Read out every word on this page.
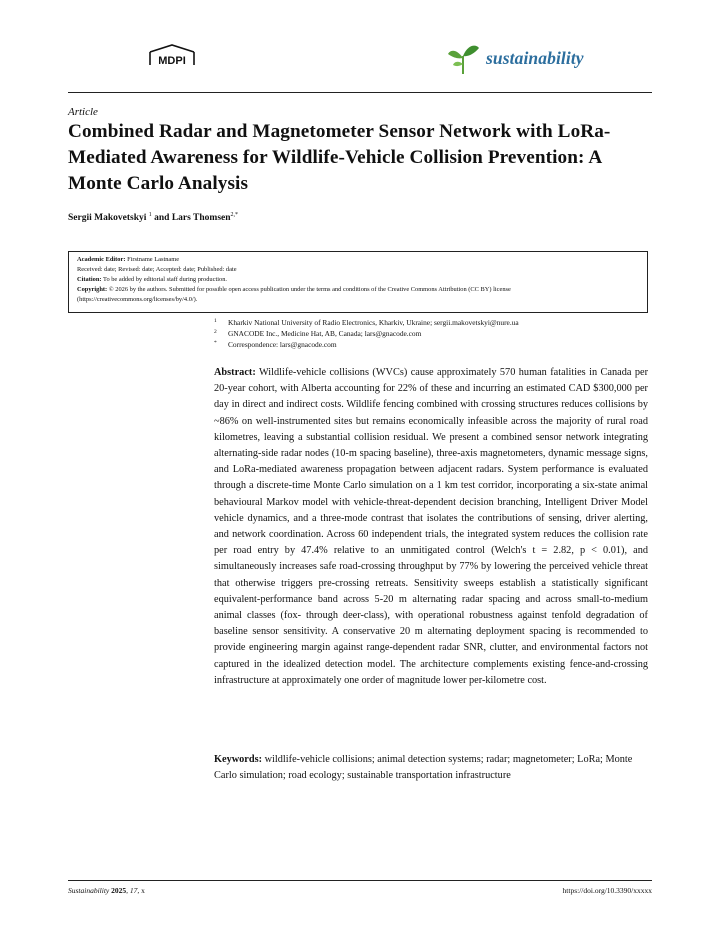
MDPI	sustainability
Article
Combined Radar and Magnetometer Sensor Network with LoRa-Mediated Awareness for Wildlife-Vehicle Collision Prevention: A Monte Carlo Analysis
Sergii Makovetskyi $^1$ and Lars Thomsen$^{2,*}$
Academic Editor: Firstname Lastname
Received: date; Revised: date; Accepted: date; Published: date
Citation: To be added by editorial staff during production.
Copyright: © 2026 by the authors. Submitted for possible open access publication under the terms and conditions of the Creative Commons Attribution (CC BY) license
(https://creativecommons.org/licenses/by/4.0/).
1 Kharkiv National University of Radio Electronics, Kharkiv, Ukraine; sergii.makovetskyi@nure.ua
2 GNACODE Inc., Medicine Hat, AB, Canada; lars@gnacode.com
* Correspondence: lars@gnacode.com

Abstract: Wildlife-vehicle collisions (WVCs) cause approximately 570 human fatalities in Canada per 20-year cohort, with Alberta accounting for 22% of these and incurring an estimated CAD $300,000 per day in direct and indirect costs. Wildlife fencing combined with crossing structures reduces collisions by ~86% on well-instrumented sites but remains economically infeasible across the majority of rural road kilometres, leaving a substantial collision residual. We present a combined sensor network integrating alternating-side radar nodes (10-m spacing baseline), three-axis magnetometers, dynamic message signs, and LoRa-mediated awareness propagation between adjacent radars. System performance is evaluated through a discrete-time Monte Carlo simulation on a 1 km test corridor, incorporating a six-state animal behavioural Markov model with vehicle-threat-dependent decision branching, Intelligent Driver Model vehicle dynamics, and a three-mode contrast that isolates the contributions of sensing, driver alerting, and network coordination. Across 60 independent trials, the integrated system reduces the collision rate per road entry by 47.4% relative to an unmitigated control (Welch's t = 2.82, p < 0.01), and simultaneously increases safe road-crossing throughput by 77% by lowering the perceived vehicle threat that otherwise triggers pre-crossing retreats. Sensitivity sweeps establish a statistically significant equivalent-performance band across 5-20 m alternating radar spacing and across small-to-medium animal classes (fox- through deer-class), with operational robustness against tenfold degradation of baseline sensor sensitivity. A conservative 20 m alternating deployment spacing is recommended to provide engineering margin against range-dependent radar SNR, clutter, and environmental factors not captured in the idealized detection model. The architecture complements existing fence-and-crossing infrastructure at approximately one order of magnitude lower per-kilometre cost.

Keywords: wildlife-vehicle collisions; animal detection systems; radar; magnetometer; LoRa; Monte Carlo simulation; road ecology; sustainable transportation infrastructure

Sustainability 2025, 17, x	https://doi.org/10.3390/xxxxx
